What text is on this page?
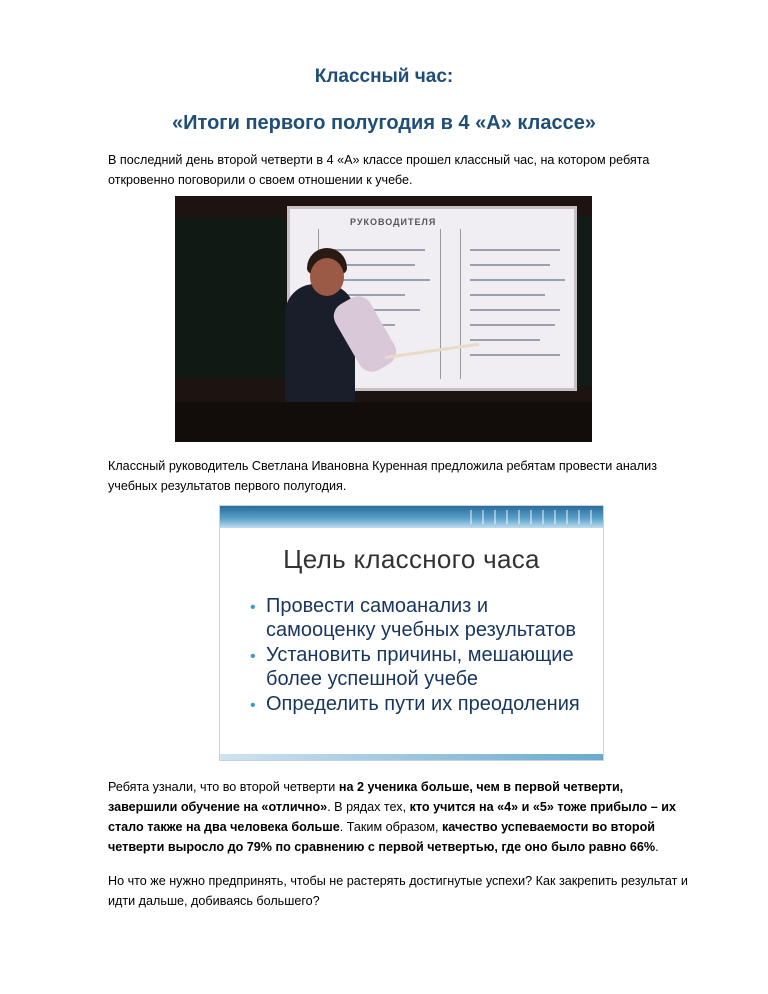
Классный час:
«Итоги первого полугодия в 4 «А» классе»
В последний день второй четверти в 4 «А» классе прошел классный час, на котором ребята откровенно поговорили о своем отношении к учебе.
РУКОВОДИТЕЛЯ
Классный руководитель Светлана Ивановна Куренная предложила ребятам провести анализ учебных результатов первого полугодия.
Цель классного часа
• Провести самоанализ и самооценку учебных результатов
• Установить причины, мешающие более успешной учебе
• Определить пути их преодоления
Ребята узнали, что во второй четверти на 2 ученика больше, чем в первой четверти, завершили обучение на «отлично». В рядах тех, кто учится на «4» и «5» тоже прибыло – их стало также на два человека больше. Таким образом, качество успеваемости во второй четверти выросло до 79% по сравнению с первой четвертью, где оно было равно 66%.
Но что же нужно предпринять, чтобы не растерять достигнутые успехи? Как закрепить результат и идти дальше, добиваясь большего?
